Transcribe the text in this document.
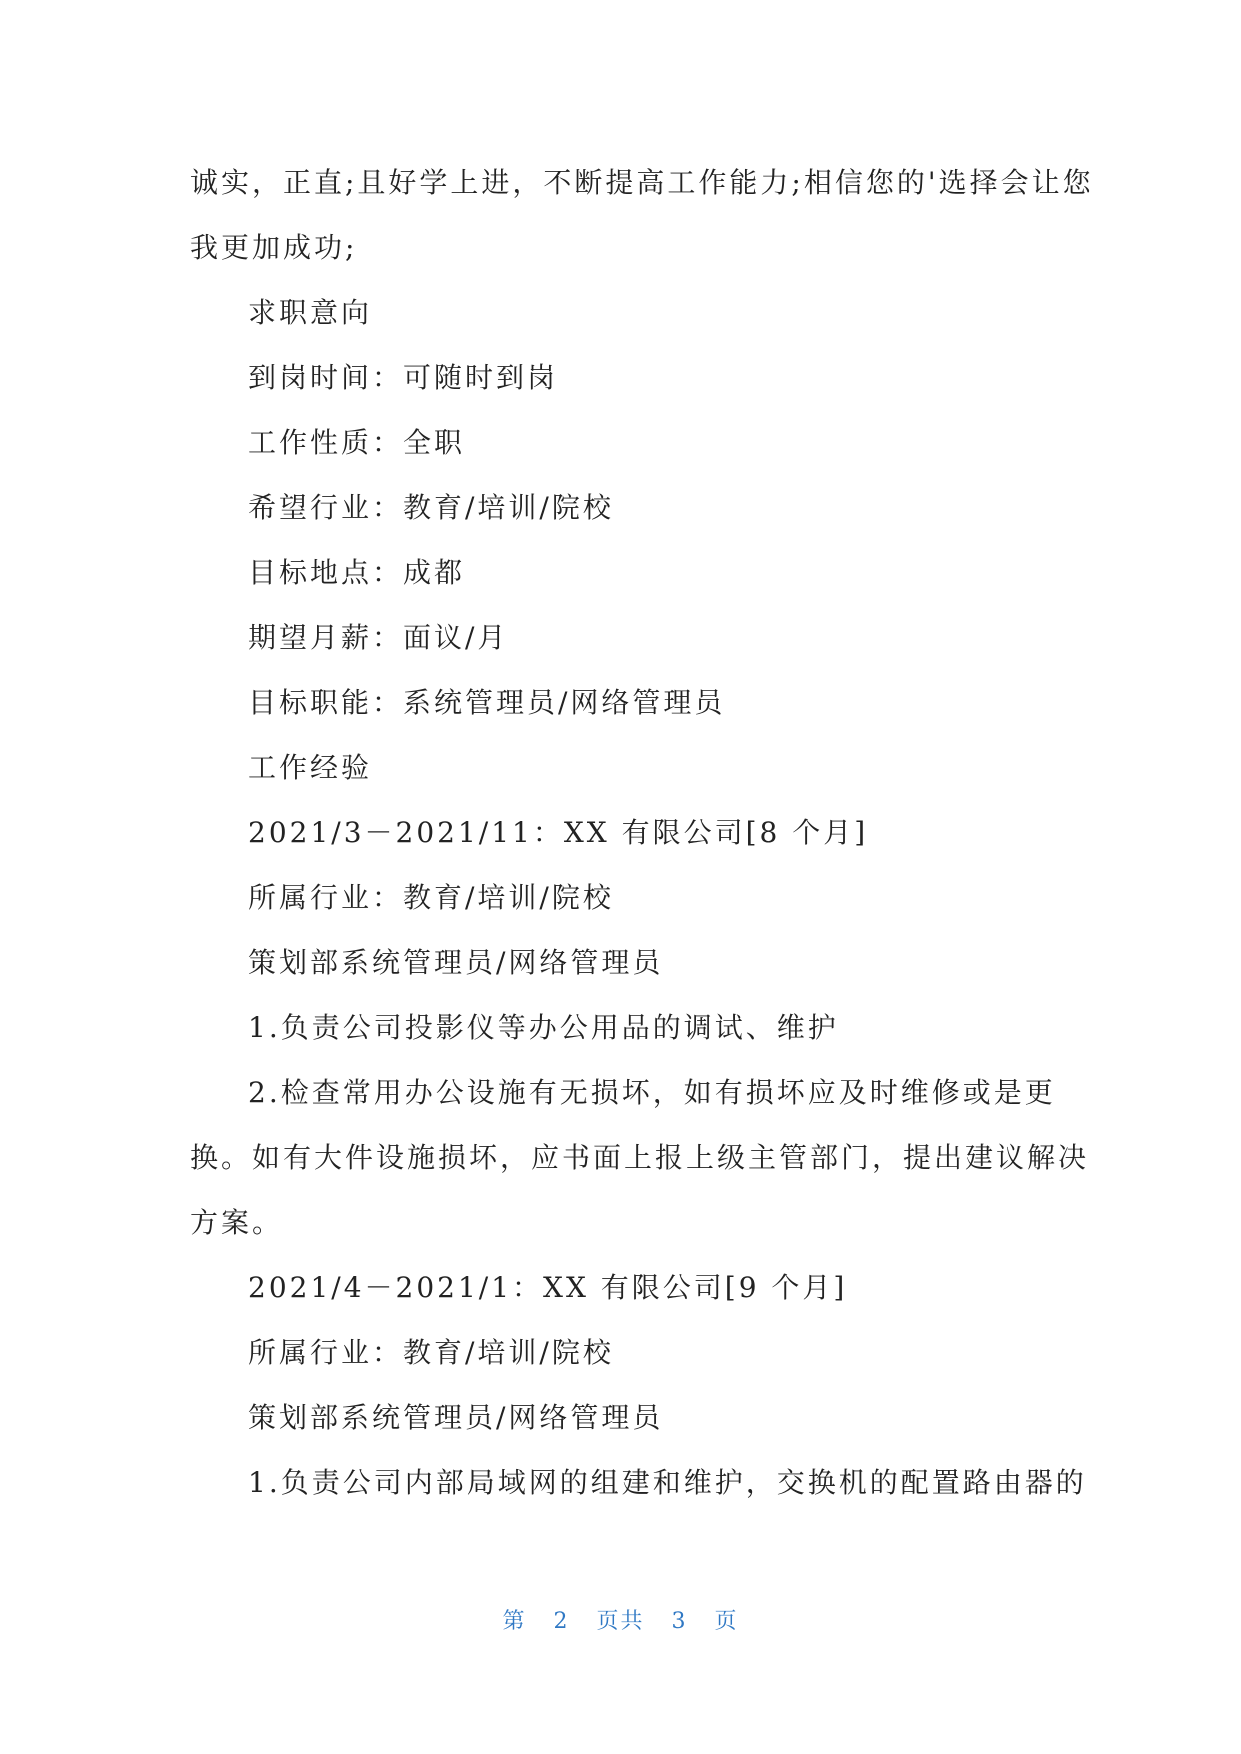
诚实，正直;且好学上进，不断提高工作能力;相信您的'选择会让您

我更加成功;

求职意向

到岗时间：可随时到岗

工作性质：全职

希望行业：教育/培训/院校

目标地点：成都

期望月薪：面议/月

目标职能：系统管理员/网络管理员

工作经验

2021/3－2021/11：XX 有限公司[8 个月]

所属行业：教育/培训/院校

策划部系统管理员/网络管理员

1.负责公司投影仪等办公用品的调试、维护

2.检查常用办公设施有无损坏，如有损坏应及时维修或是更

换。如有大件设施损坏，应书面上报上级主管部门，提出建议解决

方案。

2021/4－2021/1：XX 有限公司[9 个月]

所属行业：教育/培训/院校

策划部系统管理员/网络管理员

1.负责公司内部局域网的组建和维护，交换机的配置路由器的

第 2 页共 3 页
